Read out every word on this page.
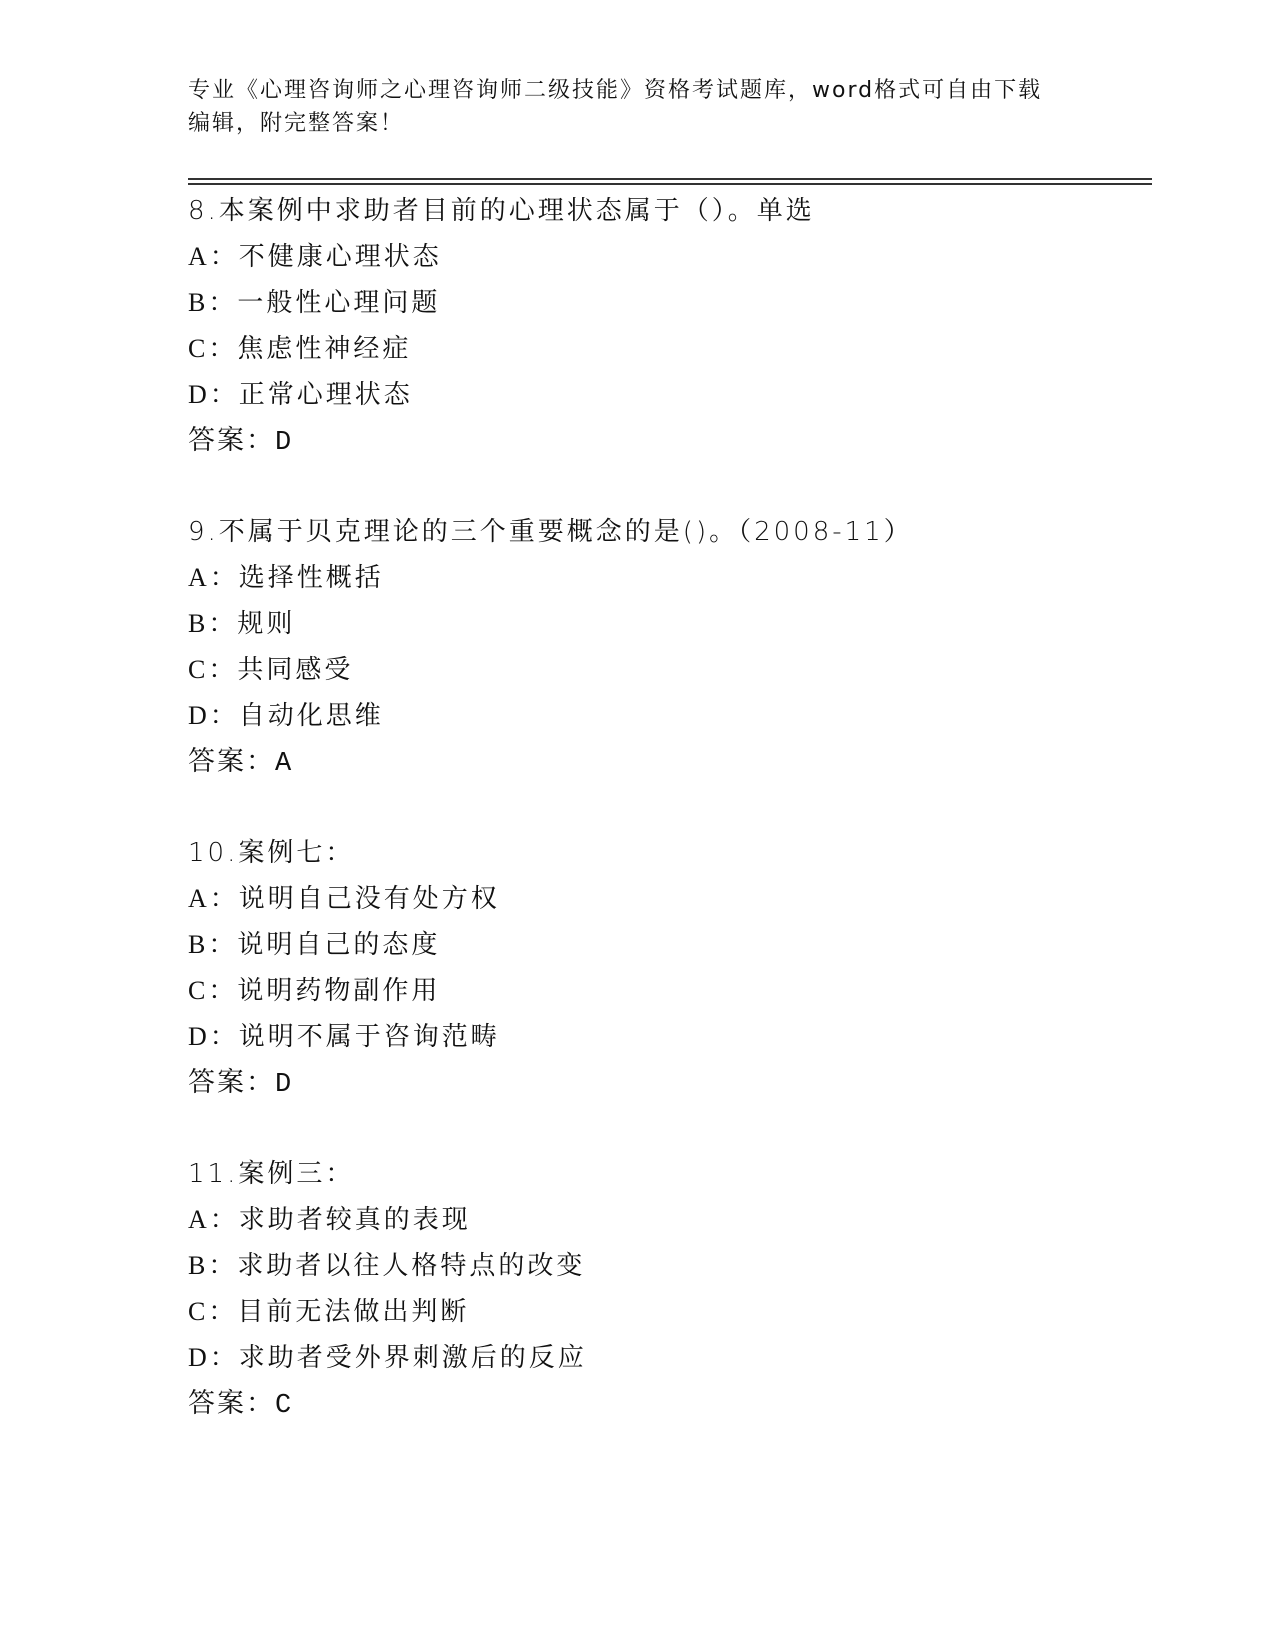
专业《心理咨询师之心理咨询师二级技能》资格考试题库，word格式可自由下载
编辑，附完整答案！
8.本案例中求助者目前的心理状态属于（）。单选
A：不健康心理状态
B：一般性心理问题
C：焦虑性神经症
D：正常心理状态
答案：D
9.不属于贝克理论的三个重要概念的是()。（2008-11）
A：选择性概括
B：规则
C：共同感受
D：自动化思维
答案：A
10.案例七：
A：说明自己没有处方权
B：说明自己的态度
C：说明药物副作用
D：说明不属于咨询范畴
答案：D
11.案例三：
A：求助者较真的表现
B：求助者以往人格特点的改变
C：目前无法做出判断
D：求助者受外界刺激后的反应
答案：C
